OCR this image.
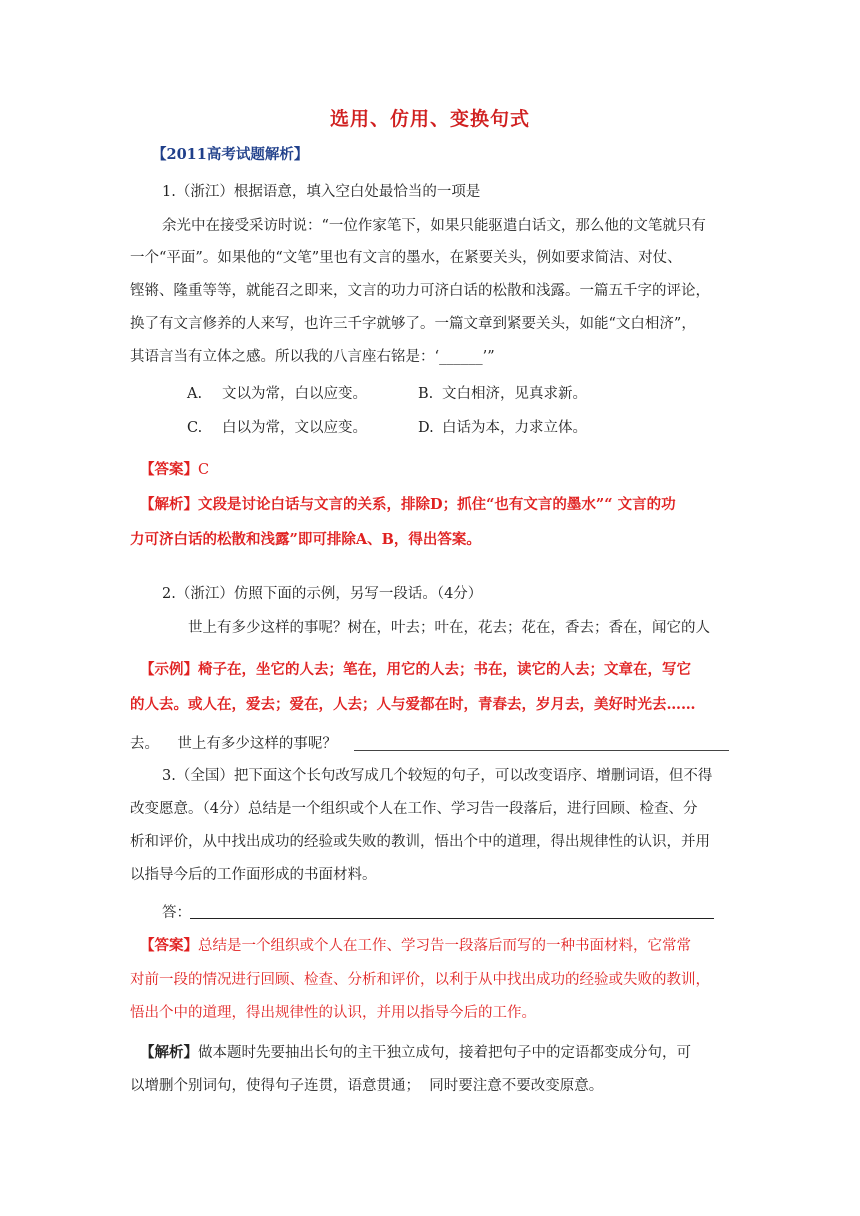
选用、仿用、变换句式
【2011高考试题解析】
1.（浙江）根据语意，填入空白处最恰当的一项是
余光中在接受采访时说：“一位作家笔下，如果只能驱遣白话文，那么他的文笔就只有
一个“平面”。如果他的“文笔”里也有文言的墨水，在紧要关头，例如要求简洁、对仗、
铿锵、隆重等等，就能召之即来，文言的功力可济白话的松散和浅露。一篇五千字的评论，
换了有文言修养的人来写，也许三千字就够了。一篇文章到紧要关头，如能“文白相济”，
其语言当有立体之感。所以我的八言座右铭是：‘______’”
A. 文以为常，白以应变。	B. 文白相济，见真求新。
C. 白以为常，文以应变。	D. 白话为本，力求立体。
【答案】C
【解析】文段是讨论白话与文言的关系，排除D；抓住“也有文言的墨水”“ 文言的功
力可济白话的松散和浅露”即可排除A、B，得出答案。
2.（浙江）仿照下面的示例，另写一段话。（4分）
世上有多少这样的事呢？树在，叶去；叶在，花去；花在，香去；香在，闻它的人
【示例】椅子在，坐它的人去；笔在，用它的人去；书在，读它的人去；文章在，写它
的人去。或人在，爱去；爱在，人去；人与爱都在时，青春去，岁月去，美好时光去……
去。    世上有多少这样的事呢？
3.（全国）把下面这个长句改写成几个较短的句子，可以改变语序、增删词语，但不得
改变愿意。（4分）总结是一个组织或个人在工作、学习告一段落后，进行回顾、检查、分
析和评价，从中找出成功的经验或失败的教训，悟出个中的道理，得出规律性的认识，并用
以指导今后的工作面形成的书面材料。
答：
【答案】总结是一个组织或个人在工作、学习告一段落后而写的一种书面材料，它常常
对前一段的情况进行回顾、检查、分析和评价，以利于从中找出成功的经验或失败的教训，
悟出个中的道理，得出规律性的认识，并用以指导今后的工作。
【解析】做本题时先要抽出长句的主干独立成句，接着把句子中的定语都变成分句，可
以增删个别词句，使得句子连贯，语意贯通；  同时要注意不要改变原意。
